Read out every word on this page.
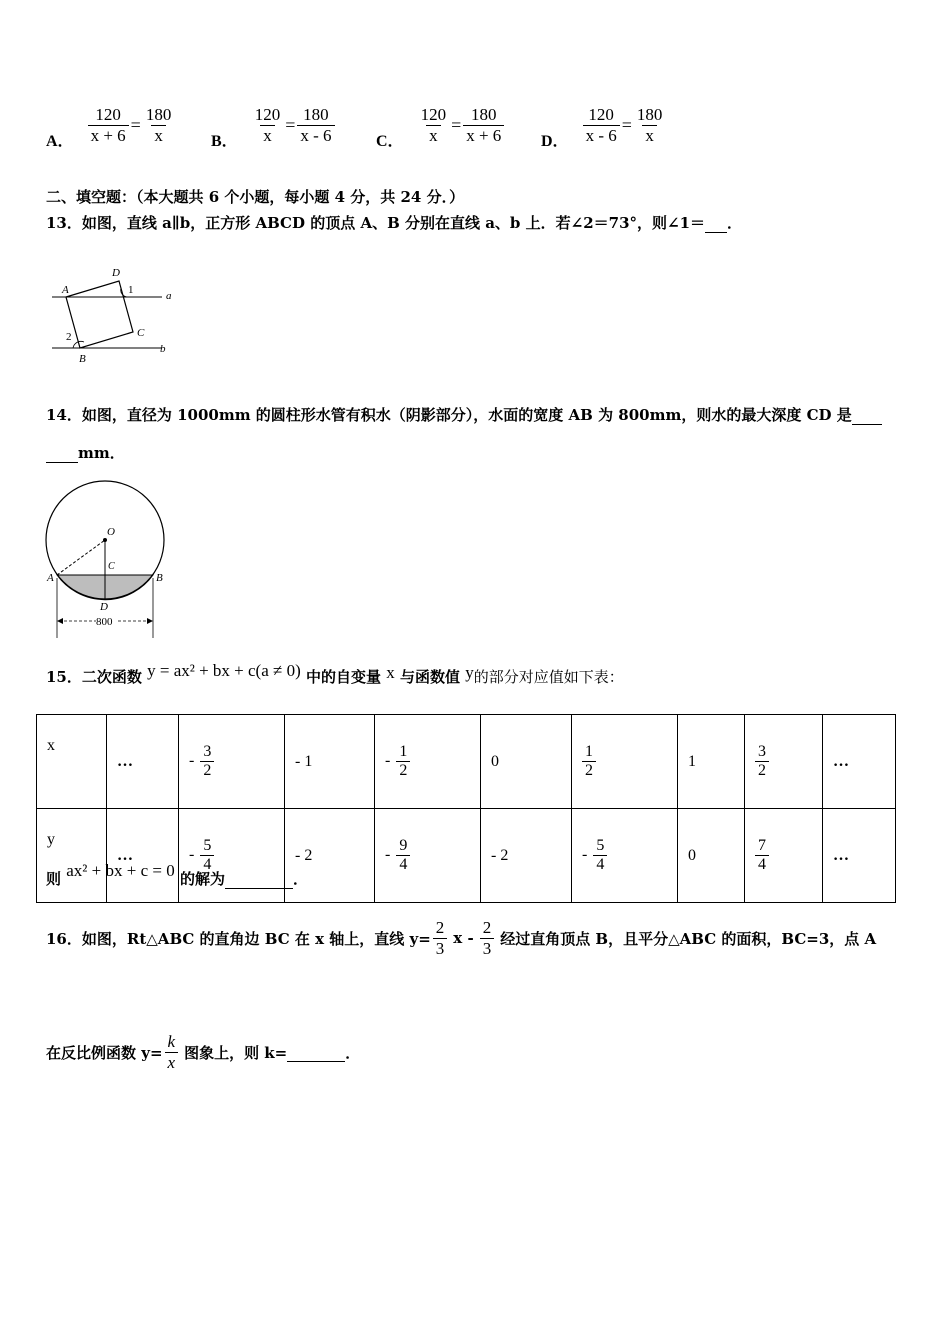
A． $\frac{120}{x + 6} = \frac{180}{x}$ B． $\frac{120}{x} = \frac{180}{x - 6}$	C． $\frac{120}{x} = \frac{180}{x + 6}$ D． $\frac{120}{x - 6} = \frac{180}{x}$
二、填空题：（本大题共 6 个小题，每小题 4 分，共 24 分．）
13．如图，直线 a∥b，正方形 ABCD 的顶点 A、B 分别在直线 a、b 上．若∠2＝73°，则∠1＝ ．
A
D
1	a
C
2
b
B
14．如图，直径为 1000mm 的圆柱形水管有积水（阴影部分），水面的宽度 AB 为 800mm，则水的最大深度 CD 是
mm．
O
C
A	B
D
800
15．二次函数 y = ax² + bx + c(a ≠ 0) 中的自变量 x 与函数值 y的部分对应值如下表：
x	…	- $\frac{3}{2}$	- 1	- $\frac{1}{2}$	0	$\frac{1}{2}$	1	$\frac{3}{2}$	…
y	…	- $\frac{5}{4}$	- 2	- $\frac{9}{4}$	- 2	- $\frac{5}{4}$	0	$\frac{7}{4}$	…
则 ax² + bx + c = 0 的解为	．
16．如图，Rt△ABC 的直角边 BC 在 x 轴上，直线 $y= \frac{2}{3}$ x - $\frac{2}{3}$ 经过直角顶点 B，且平分△ABC 的面积，BC=3，点 A
在反比例函数 $y= \frac{k}{x}$ 图象上，则 k=
	．
